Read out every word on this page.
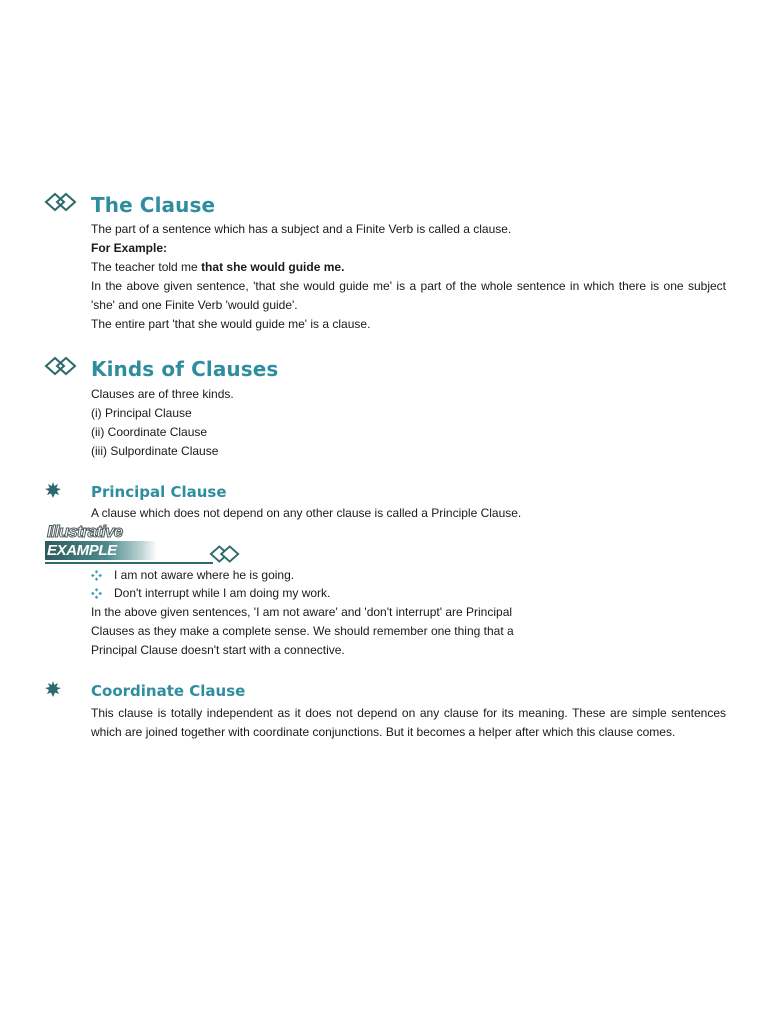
The Clause
The part of a sentence which has a subject and a Finite Verb is called a clause.
For Example:
The teacher told me that she would guide me.
In the above given sentence, 'that she would guide me' is a part of the whole sentence in which there is one subject 'she' and one Finite Verb 'would guide'.
The entire part 'that she would guide me' is a clause.
Kinds of Clauses
Clauses are of three kinds.
(i) Principal Clause
(ii) Coordinate Clause
(iii) Sulpordinate Clause
Principal Clause
A clause which does not depend on any other clause is called a Principle Clause.
Illustrative
EXAMPLE
I am not aware where he is going.
Don't interrupt while I am doing my work.
In the above given sentences, 'I am not aware' and 'don't interrupt' are Principal
Clauses as they make a complete sense. We should remember one thing that a
Principal Clause doesn't start with a connective.
Coordinate Clause
This clause is totally independent as it does not depend on any clause for its meaning. These are simple sentences which are joined together with coordinate conjunctions. But it becomes a helper after which this clause comes.
